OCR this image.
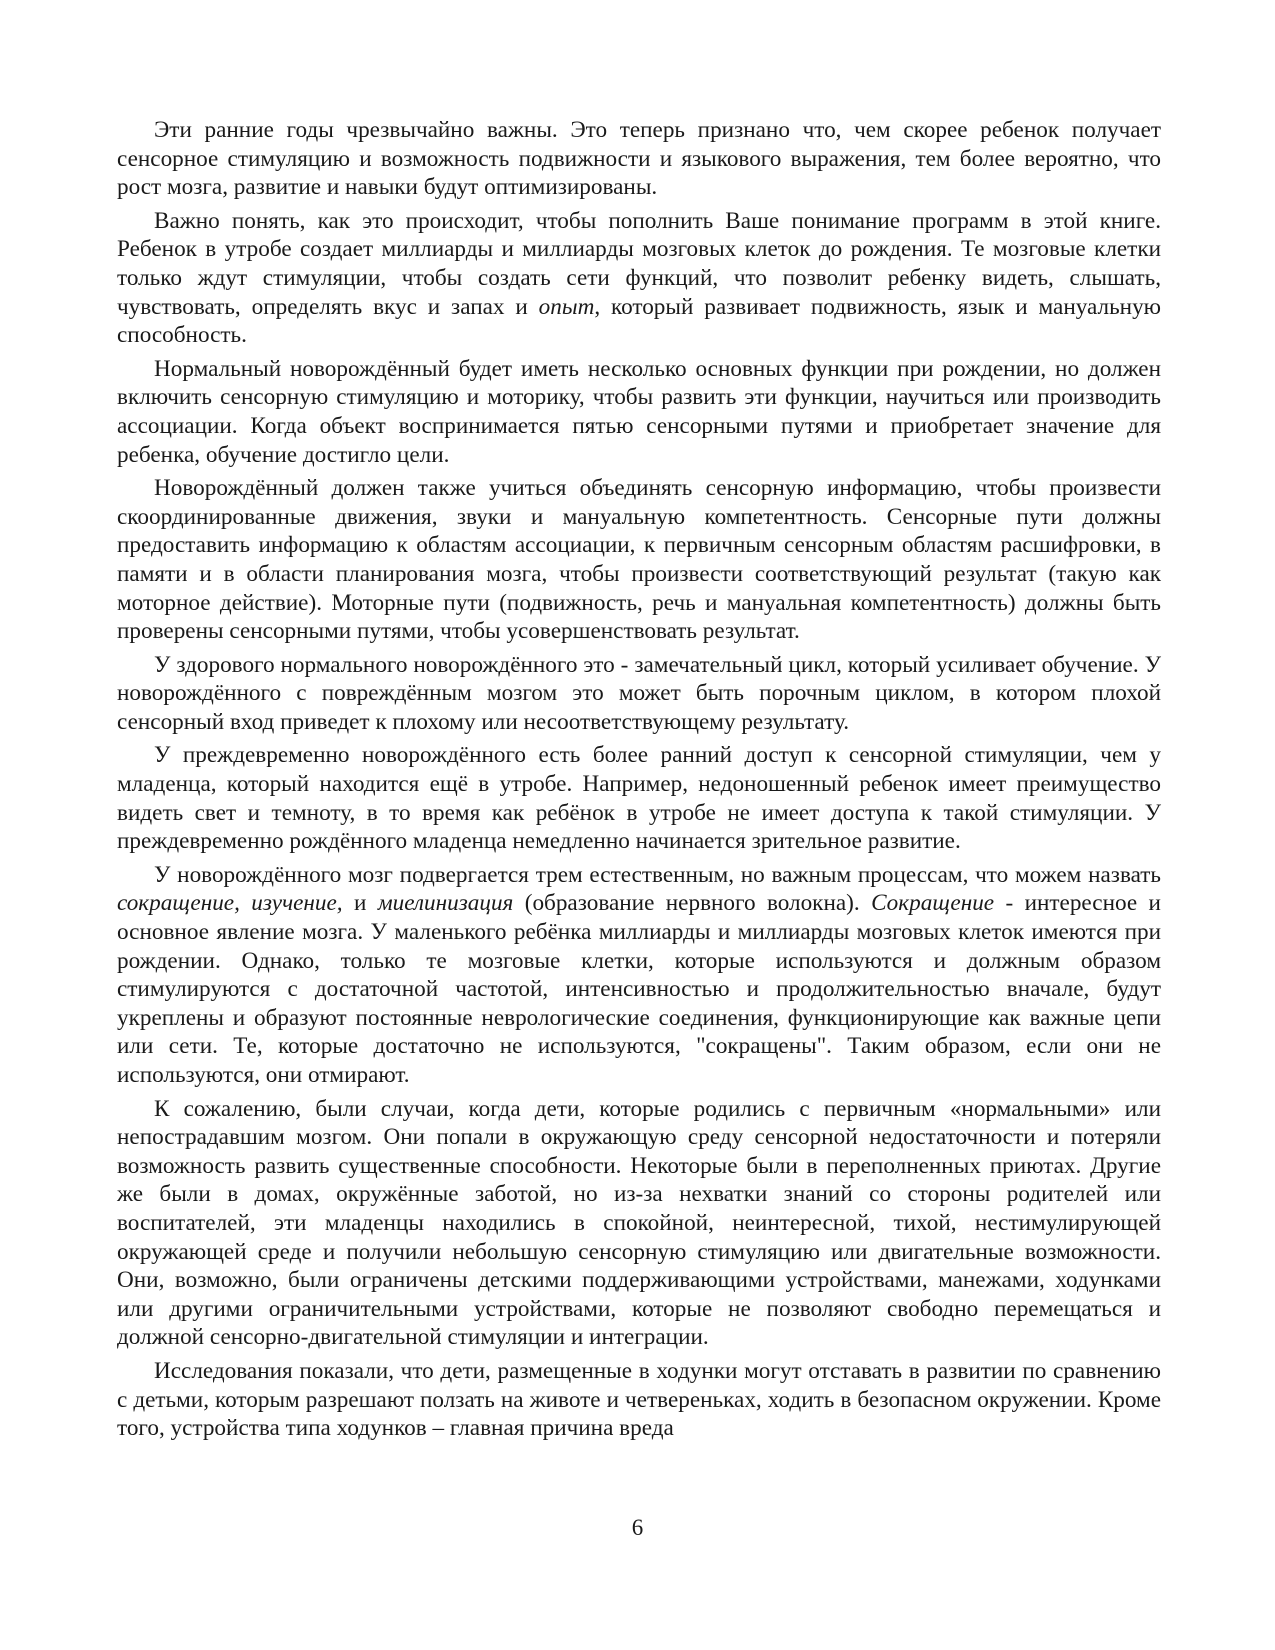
Эти ранние годы чрезвычайно важны. Это теперь признано что, чем скорее ребенок получает сенсорное стимуляцию и возможность подвижности и языкового выражения, тем более вероятно, что рост мозга, развитие и навыки будут оптимизированы.

Важно понять, как это происходит, чтобы пополнить Ваше понимание программ в этой книге. Ребенок в утробе создает миллиарды и миллиарды мозговых клеток до рождения. Те мозговые клетки только ждут стимуляции, чтобы создать сети функций, что позволит ребенку видеть, слышать, чувствовать, определять вкус и запах и опыт, который развивает подвижность, язык и мануальную способность.

Нормальный новорождённый будет иметь несколько основных функции при рождении, но должен включить сенсорную стимуляцию и моторику, чтобы развить эти функции, научиться или производить ассоциации. Когда объект воспринимается пятью сенсорными путями и приобретает значение для ребенка, обучение достигло цели.

Новорождённый должен также учиться объединять сенсорную информацию, чтобы произвести скоординированные движения, звуки и мануальную компетентность. Сенсорные пути должны предоставить информацию к областям ассоциации, к первичным сенсорным областям расшифровки, в памяти и в области планирования мозга, чтобы произвести соответствующий результат (такую как моторное действие). Моторные пути (подвижность, речь и мануальная компетентность) должны быть проверены сенсорными путями, чтобы усовершенствовать результат.

У здорового нормального новорождённого это - замечательный цикл, который усиливает обучение. У новорождённого с повреждённым мозгом это может быть порочным циклом, в котором плохой сенсорный вход приведет к плохому или несоответствующему результату.

У преждевременно новорождённого есть более ранний доступ к сенсорной стимуляции, чем у младенца, который находится ещё в утробе. Например, недоношенный ребенок имеет преимущество видеть свет и темноту, в то время как ребёнок в утробе не имеет доступа к такой стимуляции. У преждевременно рождённого младенца немедленно начинается зрительное развитие.

У новорождённого мозг подвергается трем естественным, но важным процессам, что можем назвать сокращение, изучение, и миелинизация (образование нервного волокна). Сокращение - интересное и основное явление мозга. У маленького ребёнка миллиарды и миллиарды мозговых клеток имеются при рождении. Однако, только те мозговые клетки, которые используются и должным образом стимулируются с достаточной частотой, интенсивностью и продолжительностью вначале, будут укреплены и образуют постоянные неврологические соединения, функционирующие как важные цепи или сети. Те, которые достаточно не используются, "сокращены". Таким образом, если они не используются, они отмирают.

К сожалению, были случаи, когда дети, которые родились с первичным «нормальными» или непострадавшим мозгом. Они попали в окружающую среду сенсорной недостаточности и потеряли возможность развить существенные способности. Некоторые были в переполненных приютах. Другие же были в домах, окружённые заботой, но из-за нехватки знаний со стороны родителей или воспитателей, эти младенцы находились в спокойной, неинтересной, тихой, нестимулирующей окружающей среде и получили небольшую сенсорную стимуляцию или двигательные возможности. Они, возможно, были ограничены детскими поддерживающими устройствами, манежами, ходунками или другими ограничительными устройствами, которые не позволяют свободно перемещаться и должной сенсорно-двигательной стимуляции и интеграции.

Исследования показали, что дети, размещенные в ходунки могут отставать в развитии по сравнению с детьми, которым разрешают ползать на животе и четвереньках, ходить в безопасном окружении. Кроме того, устройства типа ходунков – главная причина вреда

6
